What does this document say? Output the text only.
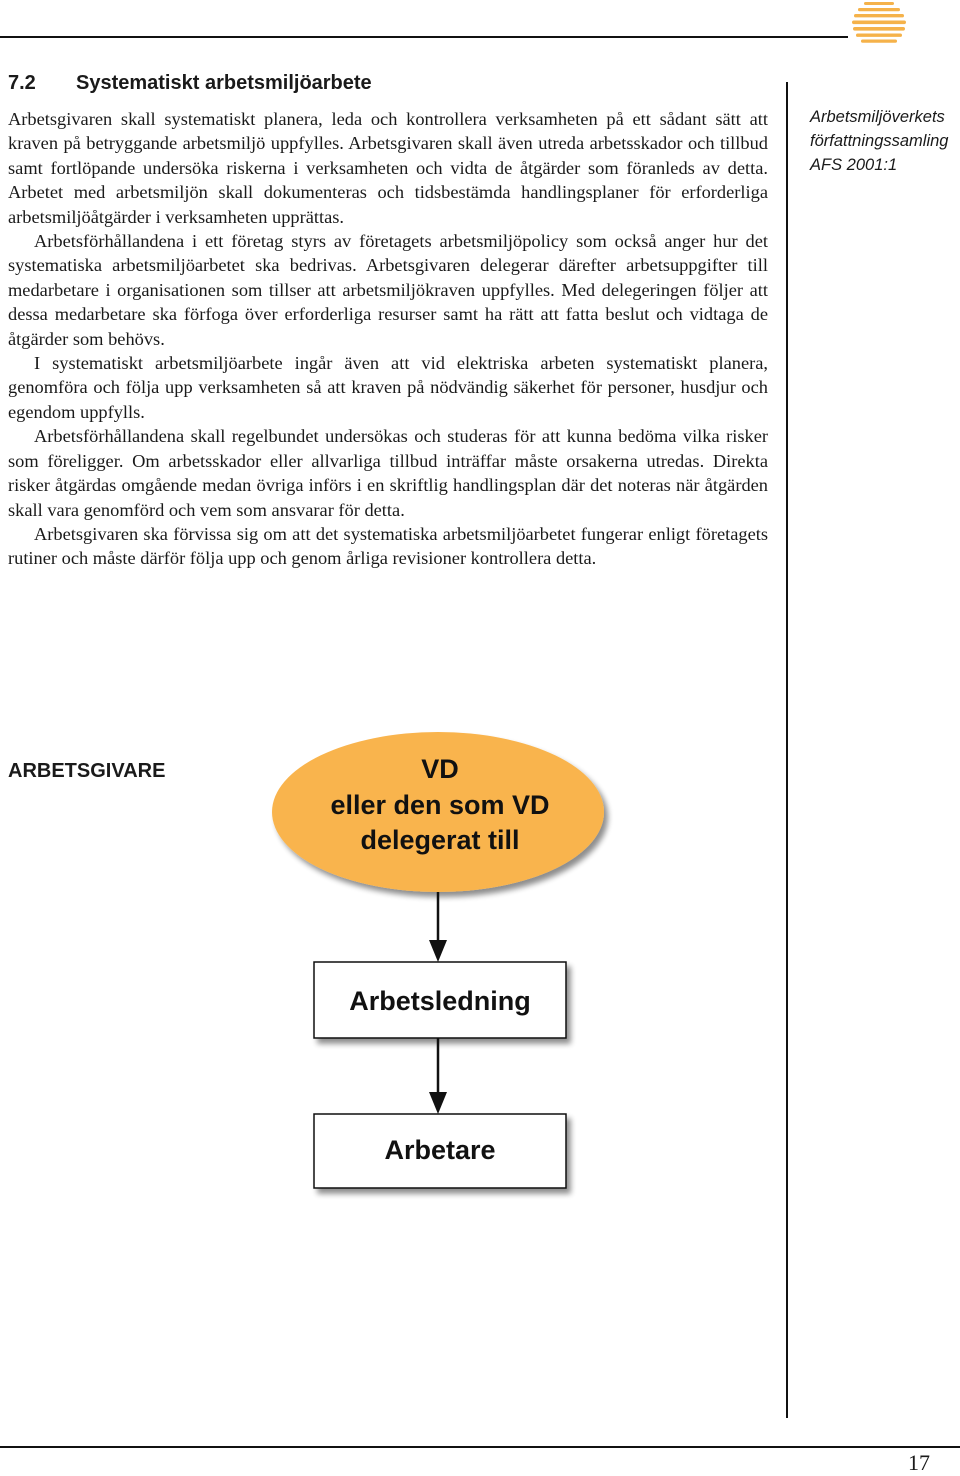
7.2 Systematiskt arbetsmiljöarbete

Arbetsgivaren skall systematiskt planera, leda och kontrollera verksamheten på ett sådant sätt att kraven på betryggande arbetsmiljö uppfylles. Arbetsgivaren skall även utreda arbetsskador och tillbud samt fortlöpande undersöka riskerna i verksamheten och vidta de åtgärder som föranleds av detta. Arbetet med arbetsmiljön skall dokumenteras och tidsbestämda handlingsplaner för erforderliga arbetsmiljöåtgärder i verksamheten upprättas.

Arbetsförhållandena i ett företag styrs av företagets arbetsmiljöpolicy som också anger hur det systematiska arbetsmiljöarbetet ska bedrivas. Arbetsgivaren delegerar därefter arbetsuppgifter till medarbetare i organisationen som tillser att arbetsmiljökraven uppfylles. Med delegeringen följer att dessa medarbetare ska förfoga över erforderliga resurser samt ha rätt att fatta beslut och vidtaga de åtgärder som behövs.

I systematiskt arbetsmiljöarbete ingår även att vid elektriska arbeten systematiskt planera, genomföra och följa upp verksamheten så att kraven på nödvändig säkerhet för personer, husdjur och egendom uppfylls.

Arbetsförhållandena skall regelbundet undersökas och studeras för att kunna bedöma vilka risker som föreligger. Om arbetsskador eller allvarliga tillbud inträffar måste orsakerna utredas. Direkta risker åtgärdas omgående medan övriga införs i en skriftlig handlingsplan där det noteras när åtgärden skall vara genomförd och vem som ansvarar för detta.

Arbetsgivaren ska förvissa sig om att det systematiska arbetsmiljöarbetet fungerar enligt företagets rutiner och måste därför följa upp och genom årliga revisioner kontrollera detta.

Arbetsmiljöverkets
författningssamling
AFS 2001:1
ARBETSGIVARE	VD
eller den som VD
delegerat till
Arbetsledning
Arbetare
17
